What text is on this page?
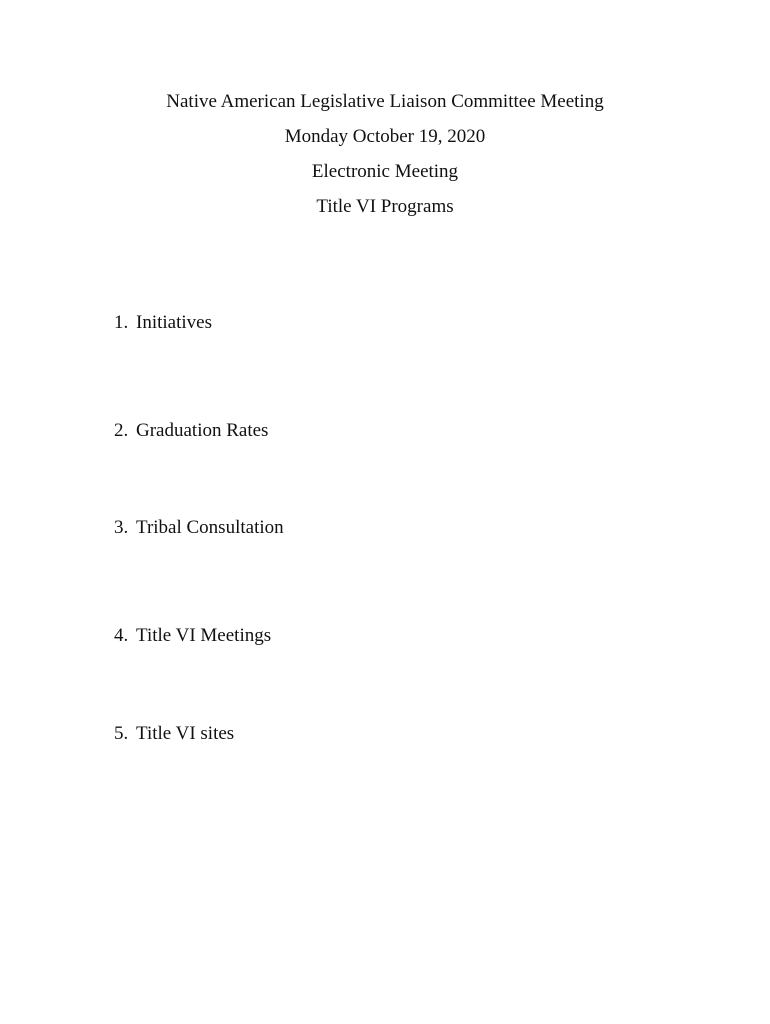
Native American Legislative Liaison Committee Meeting
Monday October 19, 2020
Electronic Meeting
Title VI Programs
1. Initiatives
2. Graduation Rates
3. Tribal Consultation
4. Title VI Meetings
5. Title VI sites
